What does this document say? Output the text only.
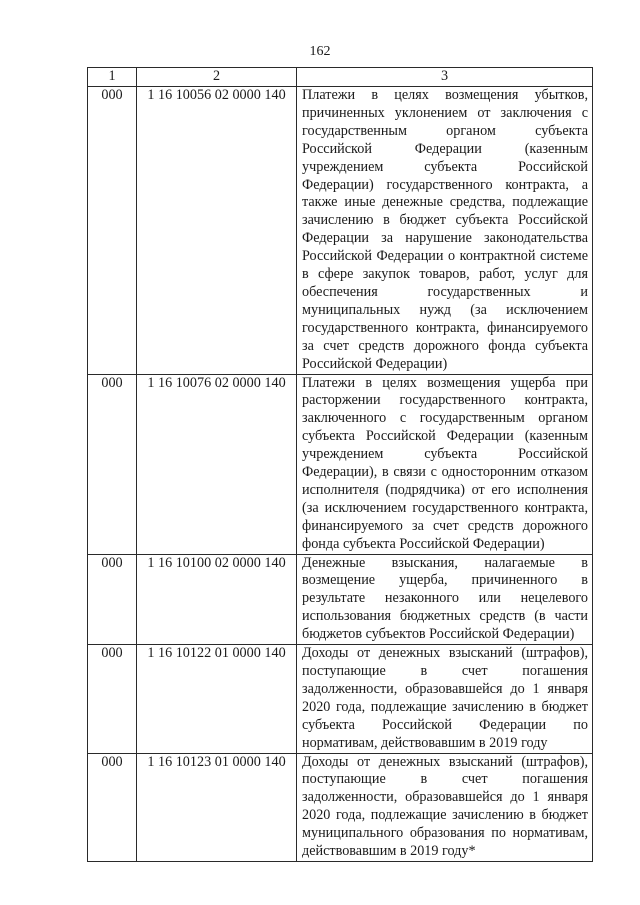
162
1	2	3
000	1 16 10056 02 0000 140	Платежи в целях возмещения убытков, причиненных уклонением от заключения с государственным органом субъекта Российской Федерации (казенным учреждением субъекта Российской Федерации) государственного контракта, а также иные денежные средства, подлежащие зачислению в бюджет субъекта Российской Федерации за нарушение законодательства Российской Федерации о контрактной системе в сфере закупок товаров, работ, услуг для обеспечения государственных и муниципальных нужд (за исключением государственного контракта, финансируемого за счет средств дорожного фонда субъекта Российской Федерации)
000	1 16 10076 02 0000 140	Платежи в целях возмещения ущерба при расторжении государственного контракта, заключенного с государственным органом субъекта Российской Федерации (казенным учреждением субъекта Российской Федерации), в связи с односторонним отказом исполнителя (подрядчика) от его исполнения (за исключением государственного контракта, финансируемого за счет средств дорожного фонда субъекта Российской Федерации)
000	1 16 10100 02 0000 140	Денежные взыскания, налагаемые в возмещение ущерба, причиненного в результате незаконного или нецелевого использования бюджетных средств (в части бюджетов субъектов Российской Федерации)
000	1 16 10122 01 0000 140	Доходы от денежных взысканий (штрафов), поступающие в счет погашения задолженности, образовавшейся до 1 января 2020 года, подлежащие зачислению в бюджет субъекта Российской Федерации по нормативам, действовавшим в 2019 году
000	1 16 10123 01 0000 140	Доходы от денежных взысканий (штрафов), поступающие в счет погашения задолженности, образовавшейся до 1 января 2020 года, подлежащие зачислению в бюджет муниципального образования по нормативам, действовавшим в 2019 году*
